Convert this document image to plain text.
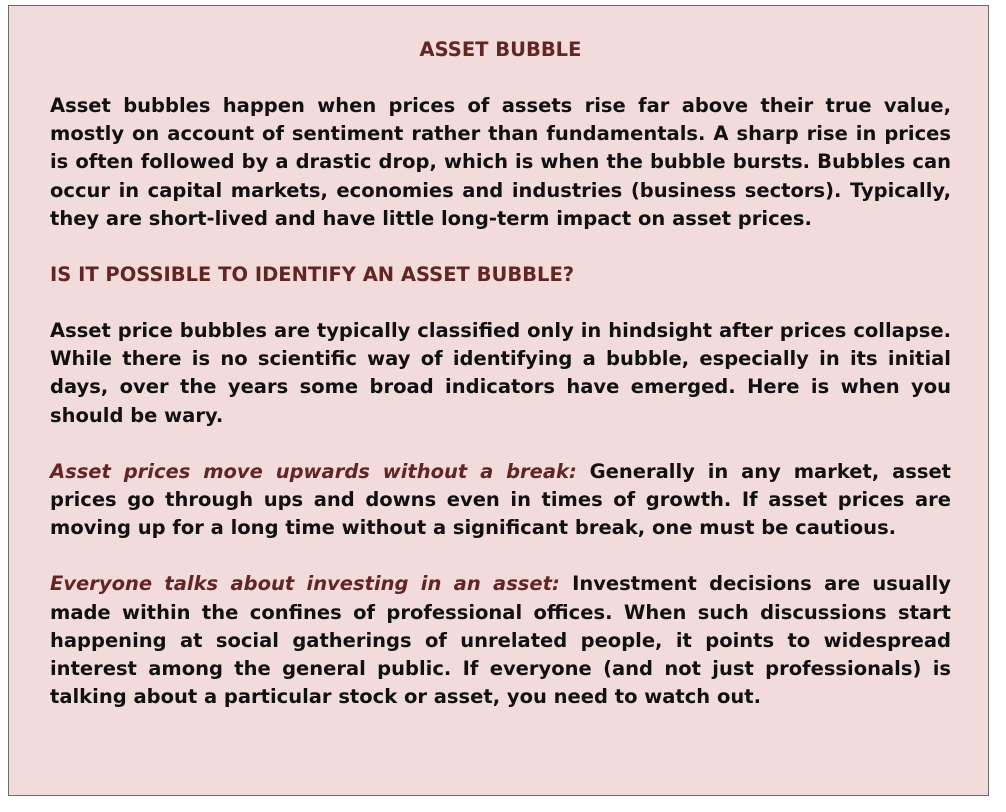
ASSET BUBBLE

Asset bubbles happen when prices of assets rise far above their true value, mostly on account of sentiment rather than fundamentals. A sharp rise in prices is often followed by a drastic drop, which is when the bubble bursts. Bubbles can occur in capital markets, economies and industries (business sectors). Typically, they are short-lived and have little long-term impact on asset prices.

IS IT POSSIBLE TO IDENTIFY AN ASSET BUBBLE?

Asset price bubbles are typically classified only in hindsight after prices collapse. While there is no scientific way of identifying a bubble, especially in its initial days, over the years some broad indicators have emerged. Here is when you should be wary.

Asset prices move upwards without a break: Generally in any market, asset prices go through ups and downs even in times of growth. If asset prices are moving up for a long time without a significant break, one must be cautious.

Everyone talks about investing in an asset: Investment decisions are usually made within the confines of professional offices. When such discussions start happening at social gatherings of unrelated people, it points to widespread interest among the general public. If everyone (and not just professionals) is talking about a particular stock or asset, you need to watch out.
